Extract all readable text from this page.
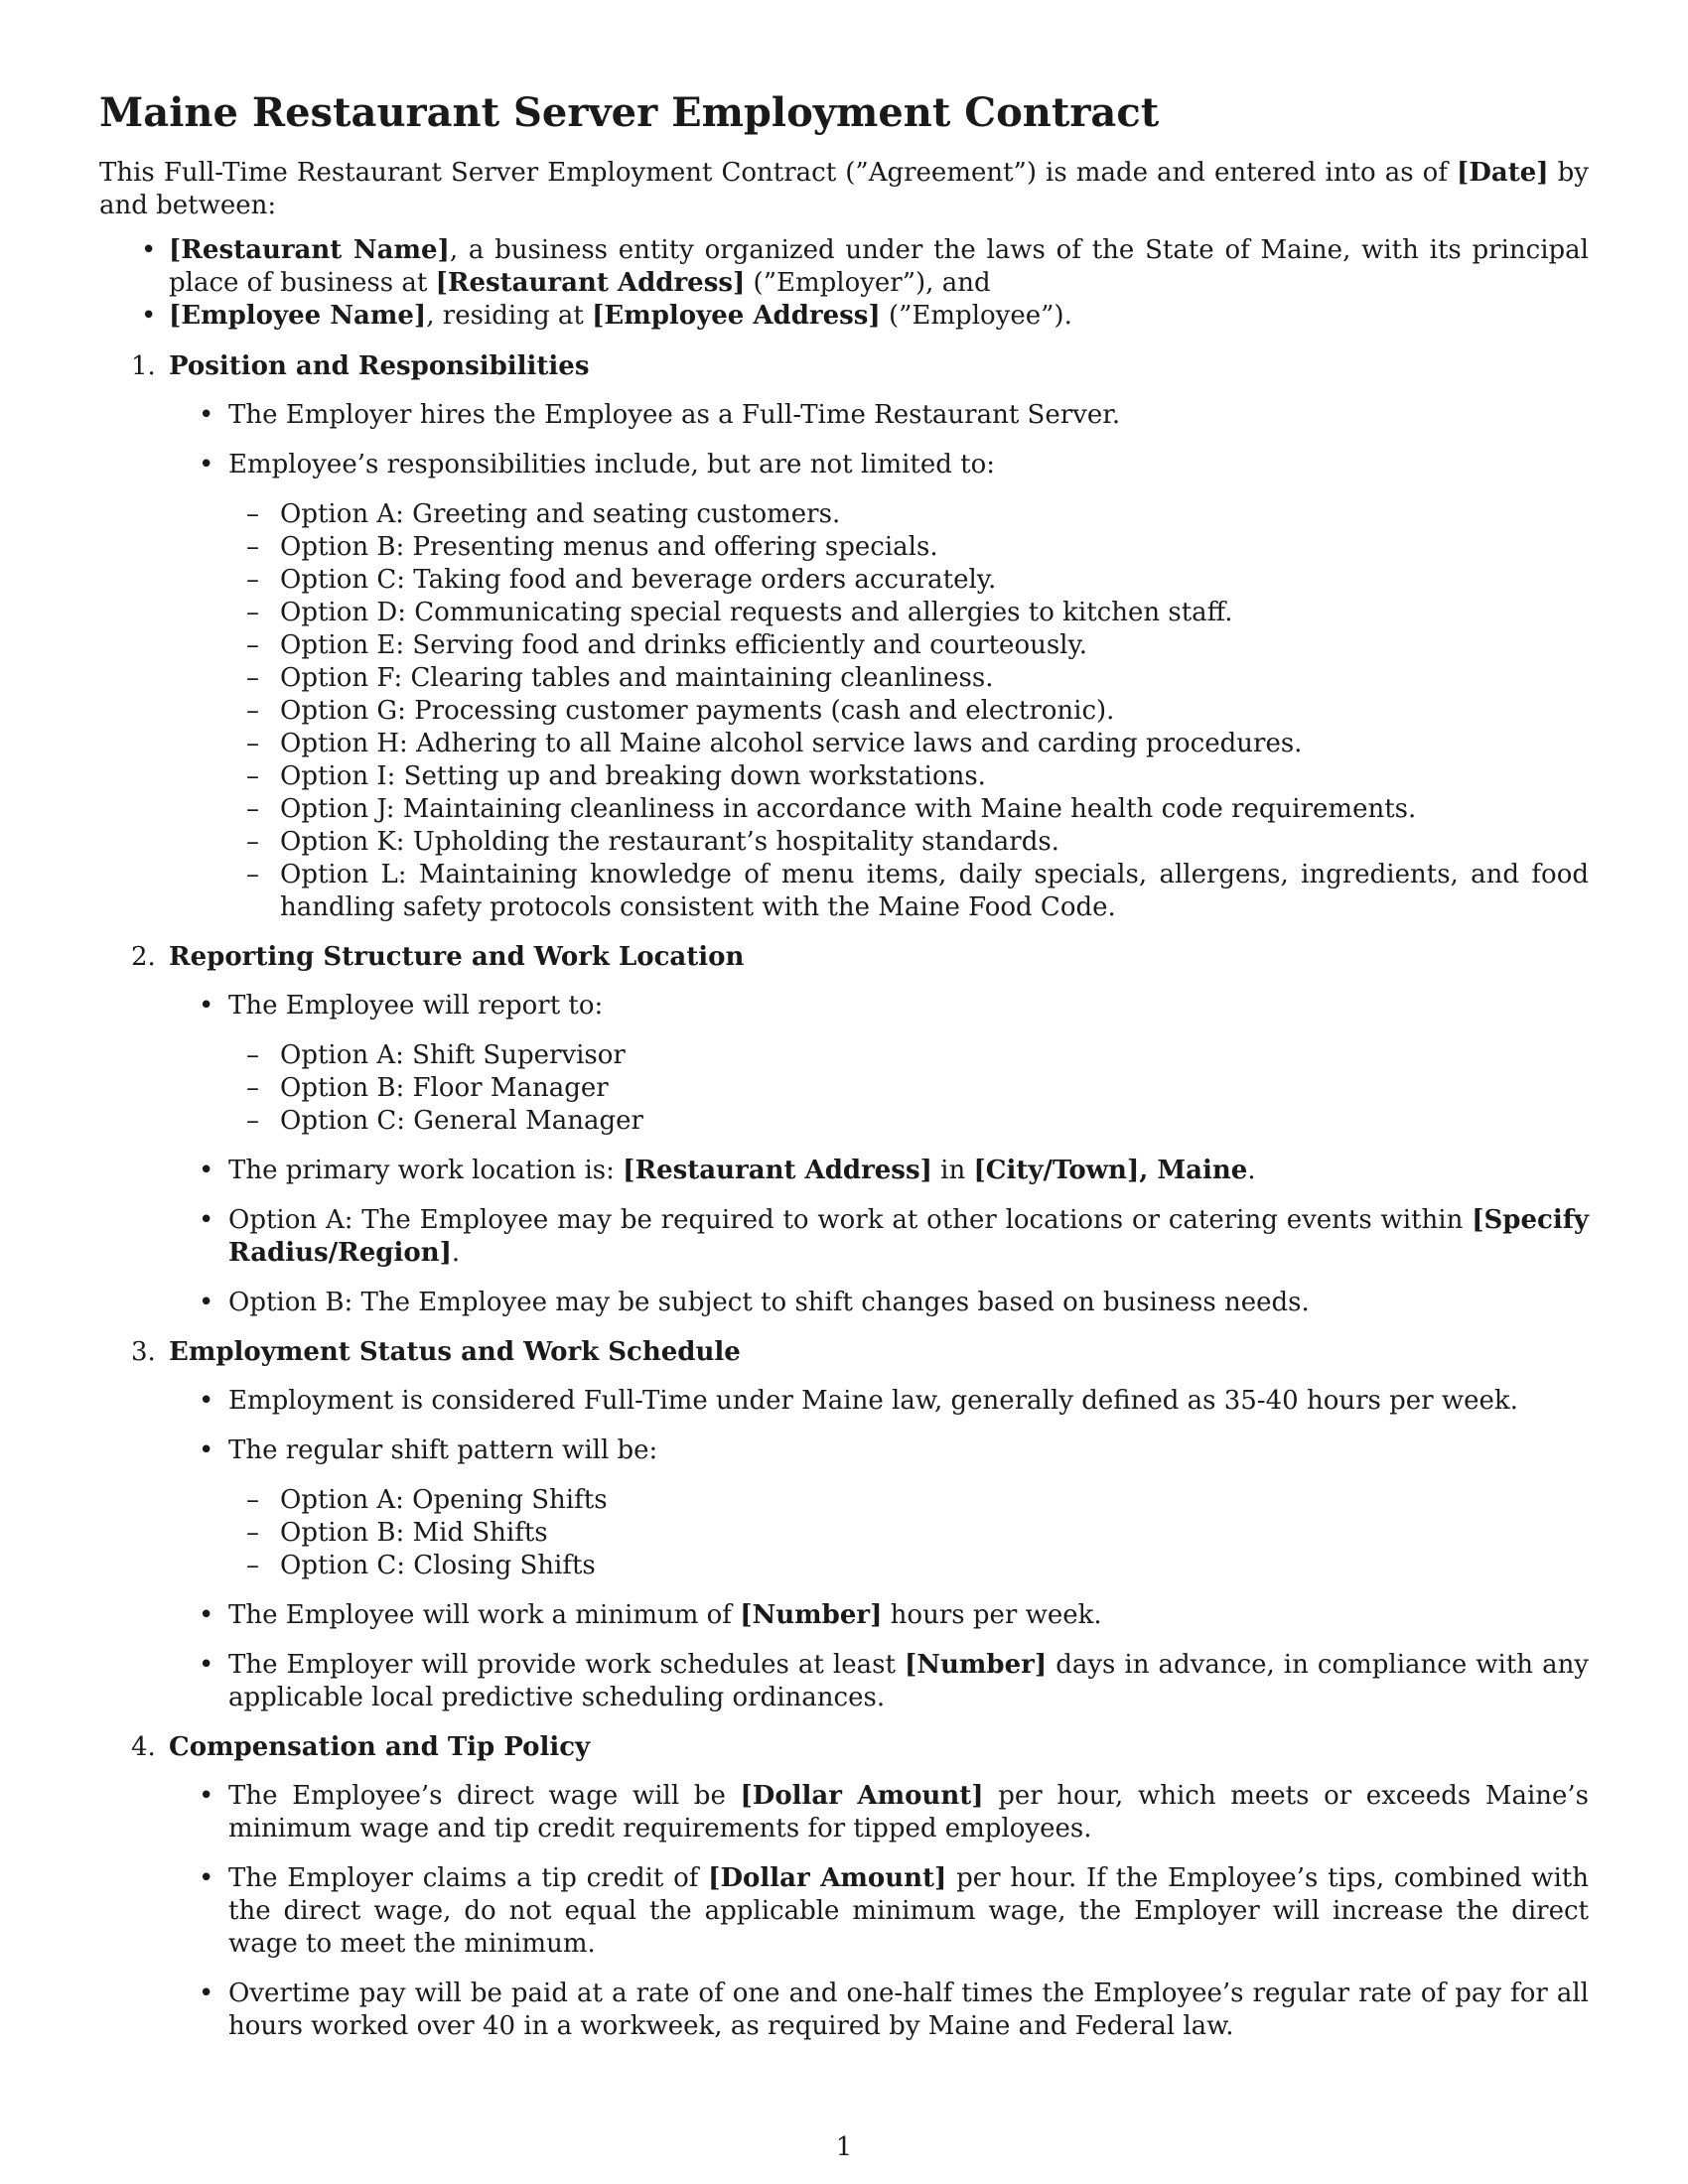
Maine Restaurant Server Employment Contract

This Full-Time Restaurant Server Employment Contract (”Agreement”) is made and entered into as of [Date] by and between:

• [Restaurant Name], a business entity organized under the laws of the State of Maine, with its principal place of business at [Restaurant Address] (”Employer”), and
• [Employee Name], residing at [Employee Address] (”Employee”).
1. Position and Responsibilities
• The Employer hires the Employee as a Full-Time Restaurant Server.
• Employee’s responsibilities include, but are not limited to:
– Option A: Greeting and seating customers.
– Option B: Presenting menus and offering specials.
– Option C: Taking food and beverage orders accurately.
– Option D: Communicating special requests and allergies to kitchen staff.
– Option E: Serving food and drinks efficiently and courteously.
– Option F: Clearing tables and maintaining cleanliness.
– Option G: Processing customer payments (cash and electronic).
– Option H: Adhering to all Maine alcohol service laws and carding procedures.
– Option I: Setting up and breaking down workstations.
– Option J: Maintaining cleanliness in accordance with Maine health code requirements.
– Option K: Upholding the restaurant’s hospitality standards.
– Option L: Maintaining knowledge of menu items, daily specials, allergens, ingredients, and food handling safety protocols consistent with the Maine Food Code.
2. Reporting Structure and Work Location
• The Employee will report to:
– Option A: Shift Supervisor
– Option B: Floor Manager
– Option C: General Manager
• The primary work location is: [Restaurant Address] in [City/Town], Maine.
• Option A: The Employee may be required to work at other locations or catering events within [Specify Radius/Region].
• Option B: The Employee may be subject to shift changes based on business needs.
3. Employment Status and Work Schedule
• Employment is considered Full-Time under Maine law, generally defined as 35-40 hours per week.
• The regular shift pattern will be:
– Option A: Opening Shifts
– Option B: Mid Shifts
– Option C: Closing Shifts
• The Employee will work a minimum of [Number] hours per week.
• The Employer will provide work schedules at least [Number] days in advance, in compliance with any applicable local predictive scheduling ordinances.
4. Compensation and Tip Policy
• The Employee’s direct wage will be [Dollar Amount] per hour, which meets or exceeds Maine’s minimum wage and tip credit requirements for tipped employees.
• The Employer claims a tip credit of [Dollar Amount] per hour. If the Employee’s tips, combined with the direct wage, do not equal the applicable minimum wage, the Employer will increase the direct wage to meet the minimum.
• Overtime pay will be paid at a rate of one and one-half times the Employee’s regular rate of pay for all hours worked over 40 in a workweek, as required by Maine and Federal law.
1
